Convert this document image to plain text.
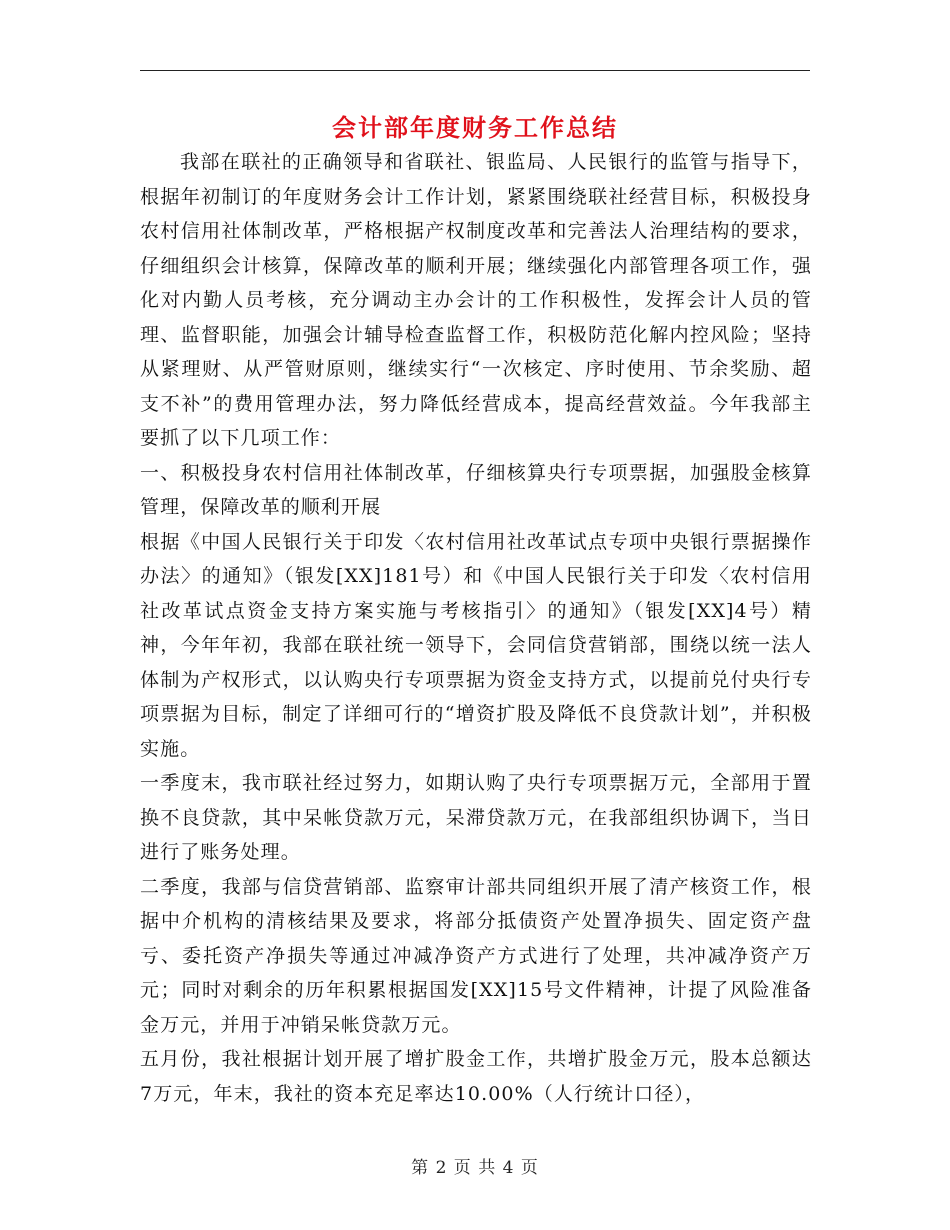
会计部年度财务工作总结

我部在联社的正确领导和省联社、银监局、人民银行的监管与指导下，根据年初制订的年度财务会计工作计划，紧紧围绕联社经营目标，积极投身农村信用社体制改革，严格根据产权制度改革和完善法人治理结构的要求，仔细组织会计核算，保障改革的顺利开展；继续强化内部管理各项工作，强化对内勤人员考核，充分调动主办会计的工作积极性，发挥会计人员的管理、监督职能，加强会计辅导检查监督工作，积极防范化解内控风险；坚持从紧理财、从严管财原则，继续实行“一次核定、序时使用、节余奖励、超支不补”的费用管理办法，努力降低经营成本，提高经营效益。今年我部主要抓了以下几项工作：

一、积极投身农村信用社体制改革，仔细核算央行专项票据，加强股金核算管理，保障改革的顺利开展

根据《中国人民银行关于印发〈农村信用社改革试点专项中央银行票据操作办法〉的通知》（银发[XX]181号）和《中国人民银行关于印发〈农村信用社改革试点资金支持方案实施与考核指引〉的通知》（银发[XX]4号）精神，今年年初，我部在联社统一领导下，会同信贷营销部，围绕以统一法人体制为产权形式，以认购央行专项票据为资金支持方式，以提前兑付央行专项票据为目标，制定了详细可行的“增资扩股及降低不良贷款计划”，并积极实施。

一季度末，我市联社经过努力，如期认购了央行专项票据万元，全部用于置换不良贷款，其中呆帐贷款万元，呆滞贷款万元，在我部组织协调下，当日进行了账务处理。

二季度，我部与信贷营销部、监察审计部共同组织开展了清产核资工作，根据中介机构的清核结果及要求，将部分抵债资产处置净损失、固定资产盘亏、委托资产净损失等通过冲减净资产方式进行了处理，共冲减净资产万元；同时对剩余的历年积累根据国发[XX]15号文件精神，计提了风险准备金万元，并用于冲销呆帐贷款万元。

五月份，我社根据计划开展了增扩股金工作，共增扩股金万元，股本总额达7万元，年末，我社的资本充足率达10.00%（人行统计口径），

第 2 页 共 4 页
